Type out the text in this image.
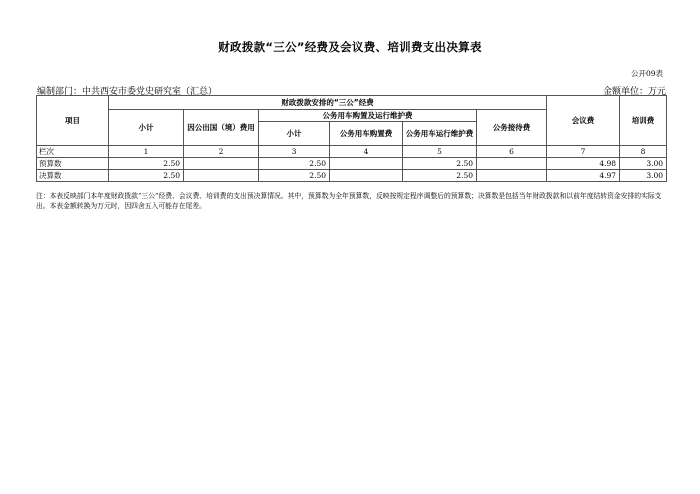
财政拨款“三公”经费及会议费、培训费支出决算表
公开09表
编制部门：中共西安市委党史研究室（汇总）	金额单位：万元
项目	财政拨款安排的“三公”经费						会议费	培训费
	小计	因公出国（境）费用	公务用车购置及运行维护费			公务接待费		
			小计	公务用车购置费	公务用车运行维护费			
栏次	1	2	3	4	5	6	7	8
预算数	2.50		2.50		2.50		4.98	3.00
决算数	2.50		2.50		2.50		4.97	3.00
注：本表反映部门本年度财政拨款“三公”经费、会议费、培训费的支出预决算情况。其中，预算数为全年预算数，反映按规定程序调整后的预算数；决算数是包括当年财政拨款和以前年度结转资金安排的实际支出。本表金额转换为万元时，因四舍五入可能存在尾差。
